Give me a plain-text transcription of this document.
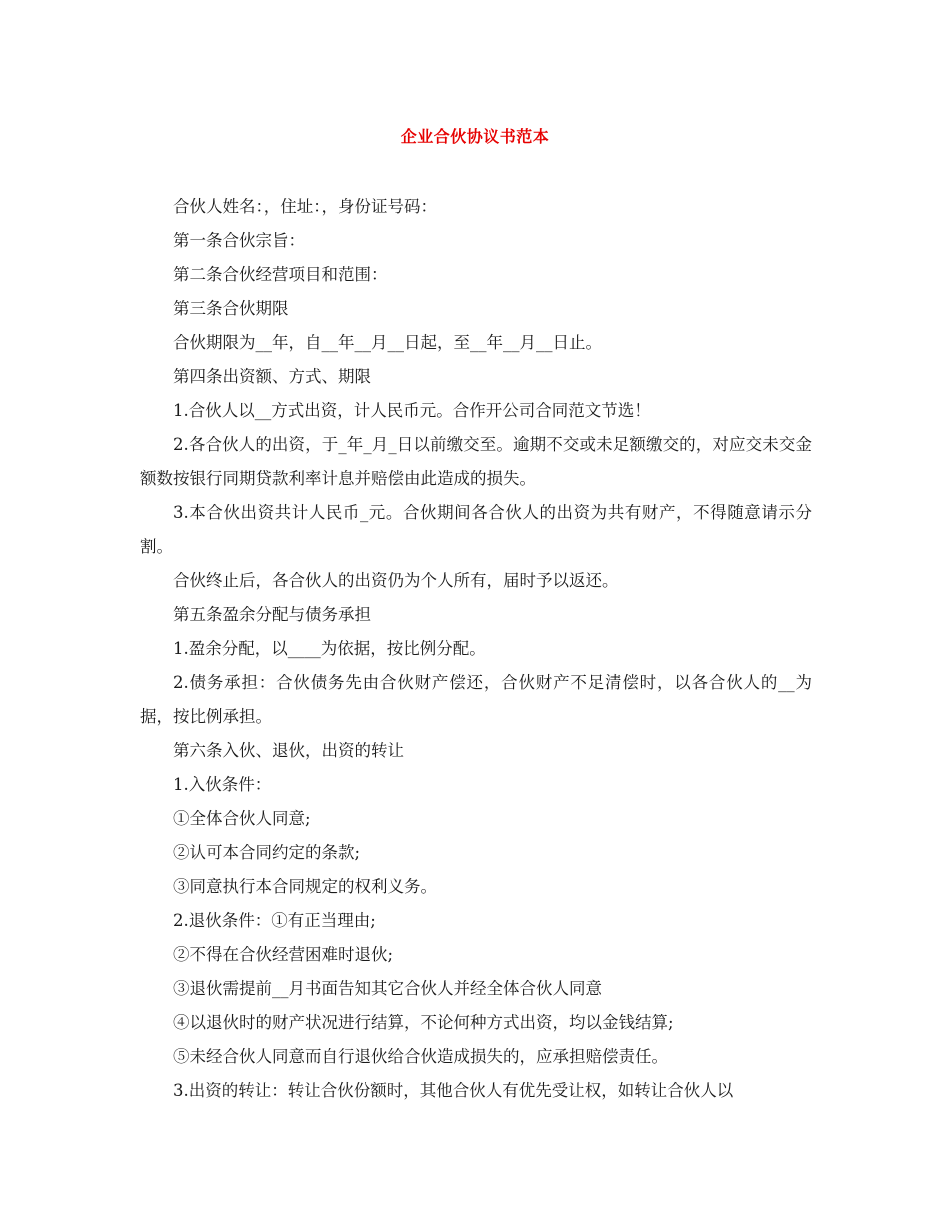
企业合伙协议书范本

合伙人姓名：，住址：，身份证号码：

第一条合伙宗旨：

第二条合伙经营项目和范围：

第三条合伙期限

合伙期限为__年，自__年__月__日起，至__年__月__日止。

第四条出资额、方式、期限

1.合伙人以__方式出资，计人民币元。合作开公司合同范文节选！

2.各合伙人的出资，于_年_月_日以前缴交至。逾期不交或未足额缴交的，对应交未交金额数按银行同期贷款利率计息并赔偿由此造成的损失。

3.本合伙出资共计人民币_元。合伙期间各合伙人的出资为共有财产，不得随意请示分割。

合伙终止后，各合伙人的出资仍为个人所有，届时予以返还。

第五条盈余分配与债务承担

1.盈余分配，以____为依据，按比例分配。

2.债务承担：合伙债务先由合伙财产偿还，合伙财产不足清偿时，以各合伙人的__为据，按比例承担。

第六条入伙、退伙，出资的转让

1.入伙条件：

①全体合伙人同意;

②认可本合同约定的条款;

③同意执行本合同规定的权利义务。

2.退伙条件：①有正当理由;

②不得在合伙经营困难时退伙;

③退伙需提前__月书面告知其它合伙人并经全体合伙人同意

④以退伙时的财产状况进行结算，不论何种方式出资，均以金钱结算;

⑤未经合伙人同意而自行退伙给合伙造成损失的，应承担赔偿责任。

3.出资的转让：转让合伙份额时，其他合伙人有优先受让权，如转让合伙人以
